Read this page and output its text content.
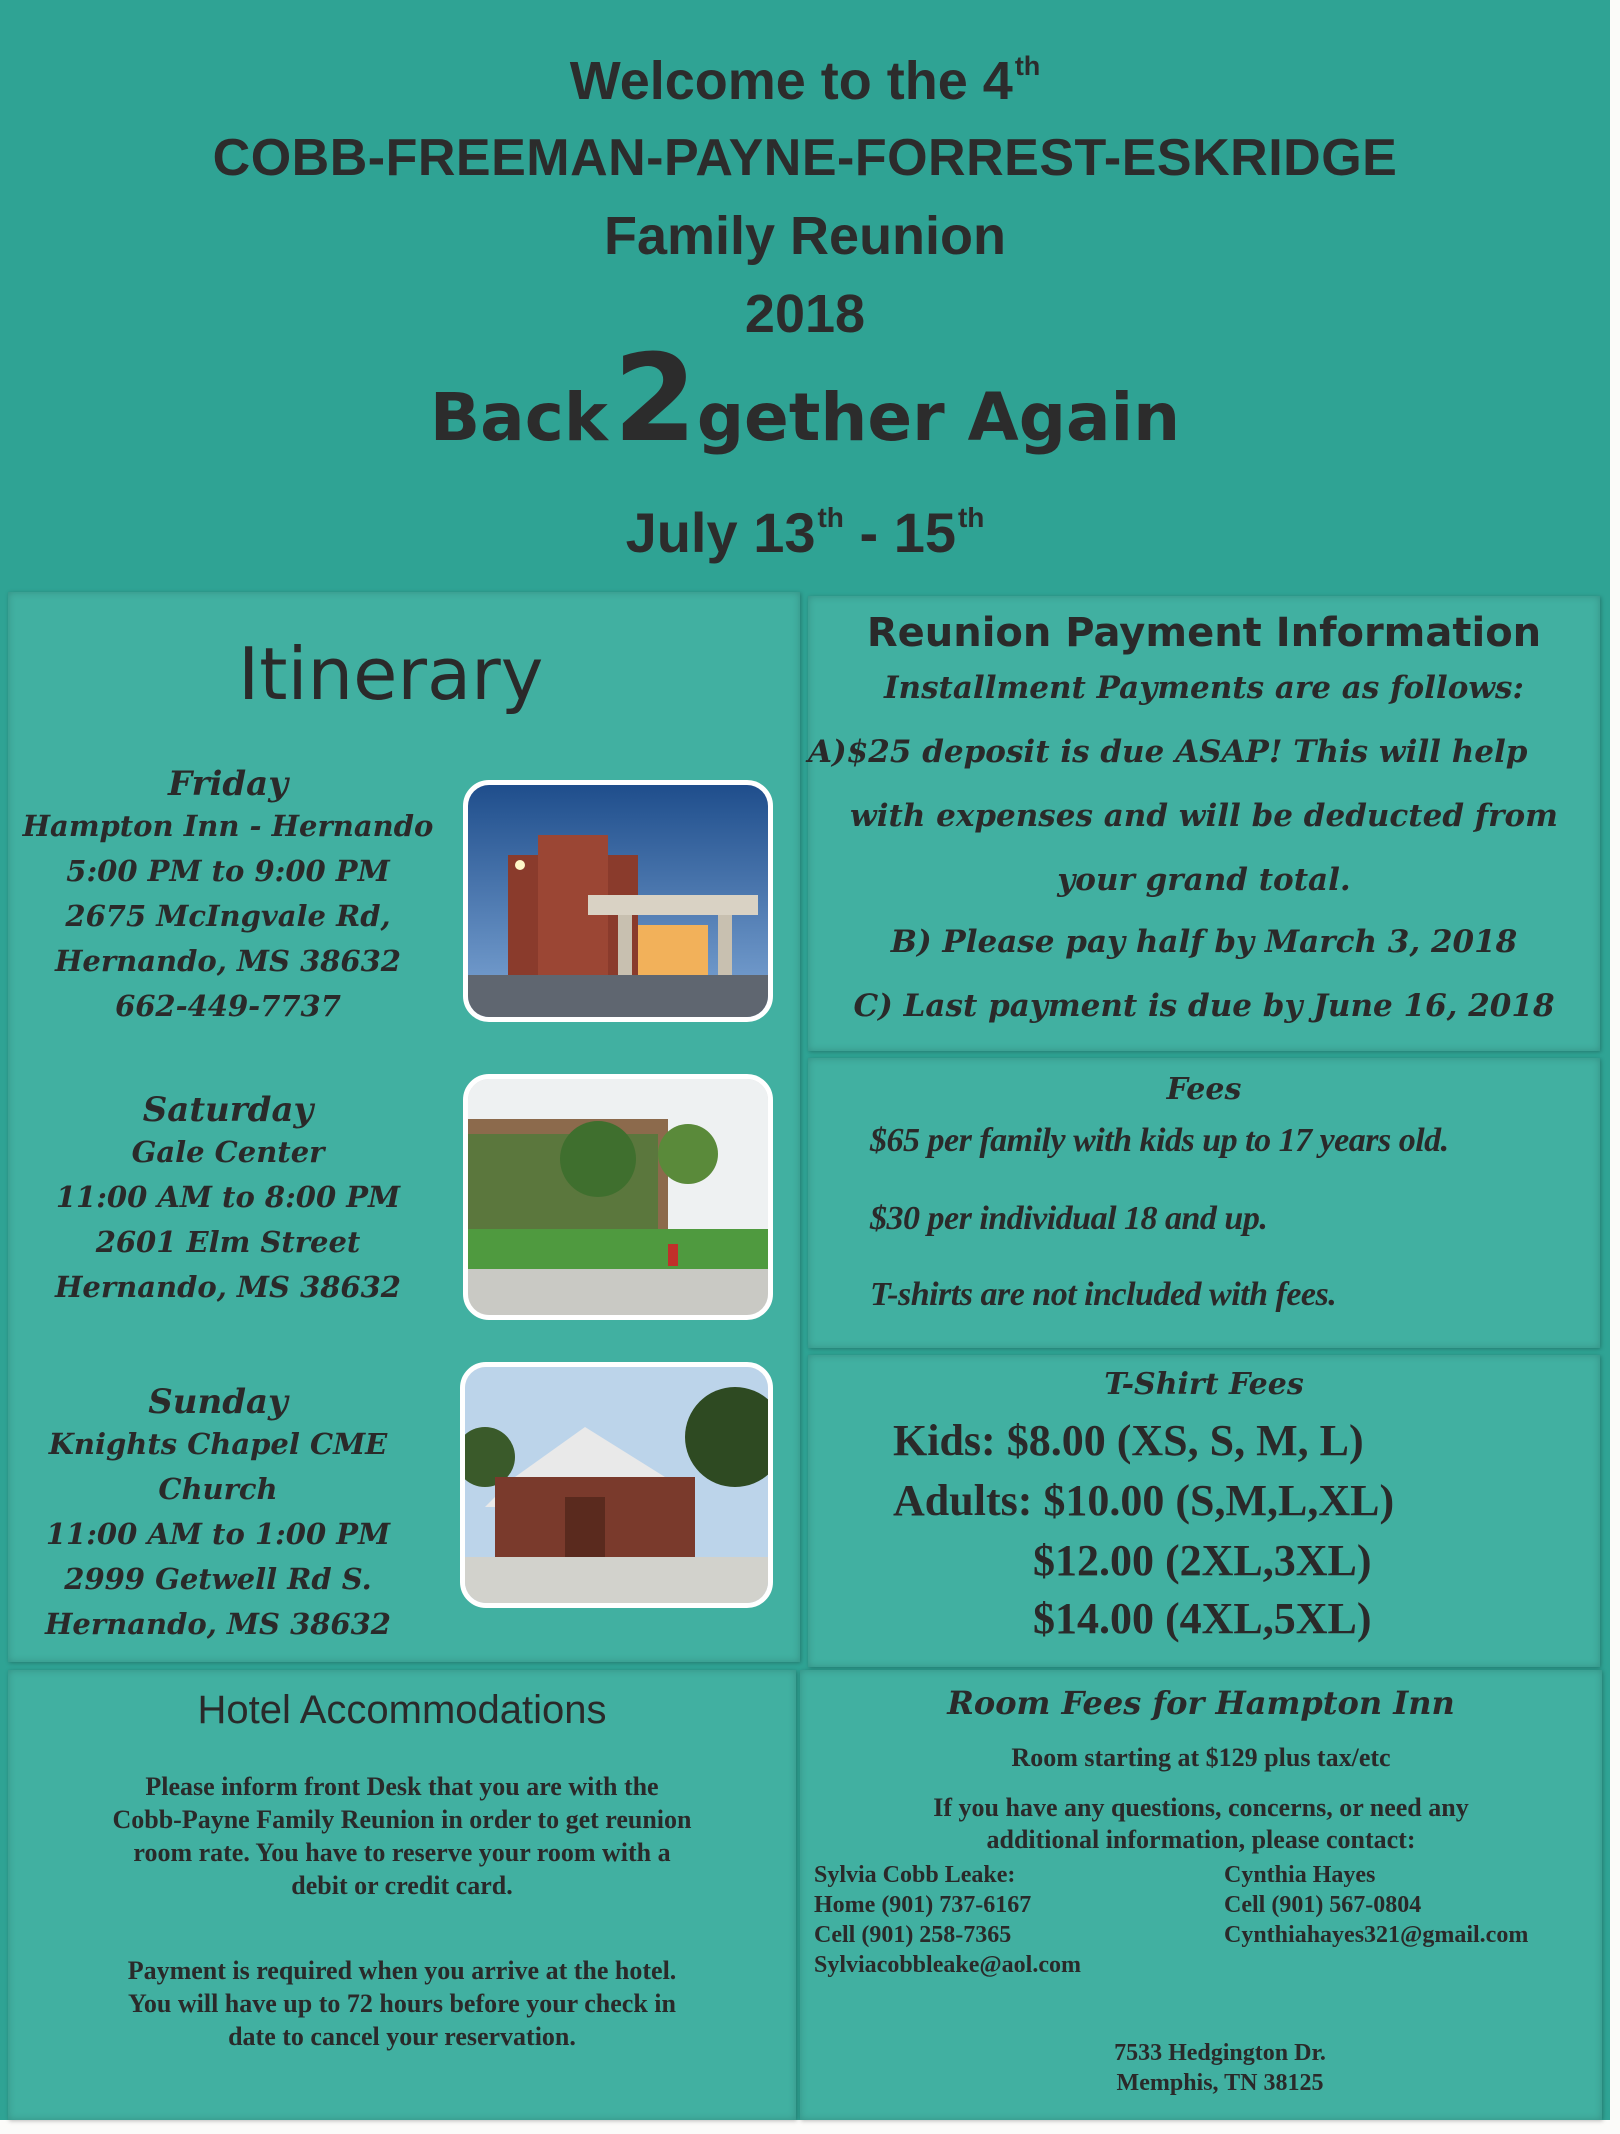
Welcome to the 4th
COBB-FREEMAN-PAYNE-FORREST-ESKRIDGE
Family Reunion
2018
Back 2gether Again
July 13th - 15th
Itinerary
Friday
Hampton Inn - Hernando
5:00 PM to 9:00 PM
2675 McIngvale Rd,
Hernando, MS 38632
662-449-7737
Saturday
Gale Center
11:00 AM to 8:00 PM
2601 Elm Street
Hernando, MS 38632
Sunday
Knights Chapel CME Church
11:00 AM to 1:00 PM
2999 Getwell Rd S.
Hernando, MS 38632
Reunion Payment Information
Installment Payments are as follows:
A)$25 deposit is due ASAP! This will help
with expenses and will be deducted from
your grand total.
B) Please pay half by March 3, 2018
C) Last payment is due by June 16, 2018
Fees
$65 per family with kids up to 17 years old.
$30 per individual 18 and up.
T-shirts are not included with fees.
T-Shirt Fees
Kids: $8.00 (XS, S, M, L)
Adults: $10.00 (S,M,L,XL)
$12.00 (2XL,3XL)
$14.00 (4XL,5XL)
Hotel Accommodations
Please inform front Desk that you are with the
Cobb-Payne Family Reunion in order to get reunion
room rate. You have to reserve your room with a
debit or credit card.
Payment is required when you arrive at the hotel.
You will have up to 72 hours before your check in
date to cancel your reservation.
Room Fees for Hampton Inn
Room starting at $129 plus tax/etc
If you have any questions, concerns, or need any
additional information, please contact:
Sylvia Cobb Leake:
Home (901) 737-6167
Cell (901) 258-7365
Sylviacobbleake@aol.com
Cynthia Hayes
Cell (901) 567-0804
Cynthiahayes321@gmail.com
7533 Hedgington Dr.
Memphis, TN 38125
